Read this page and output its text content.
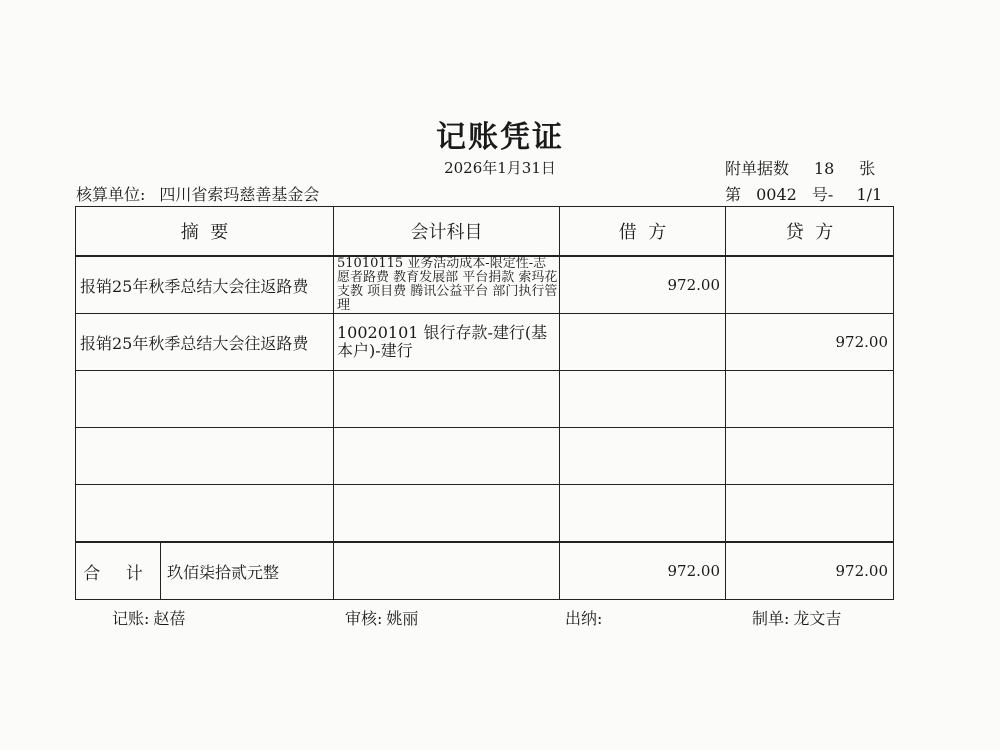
记账凭证
2026年1月31日	附单据数 18 张
核算单位: 四川省索玛慈善基金会	第 0042 号- 1/1
摘  要	会计科目	借  方	贷  方
报销25年秋季总结大会往返路费	51010115 业务活动成本-限定性-志愿者路费 教育发展部 平台捐款 索玛花支教 项目费 腾讯公益平台 部门执行管理	972.00	
报销25年秋季总结大会往返路费	10020101 银行存款-建行(基本户)-建行		972.00

合 计 玖佰柒拾贰元整		972.00	972.00
记账: 赵蓓	审核: 姚丽	出纳:	制单: 龙文吉
